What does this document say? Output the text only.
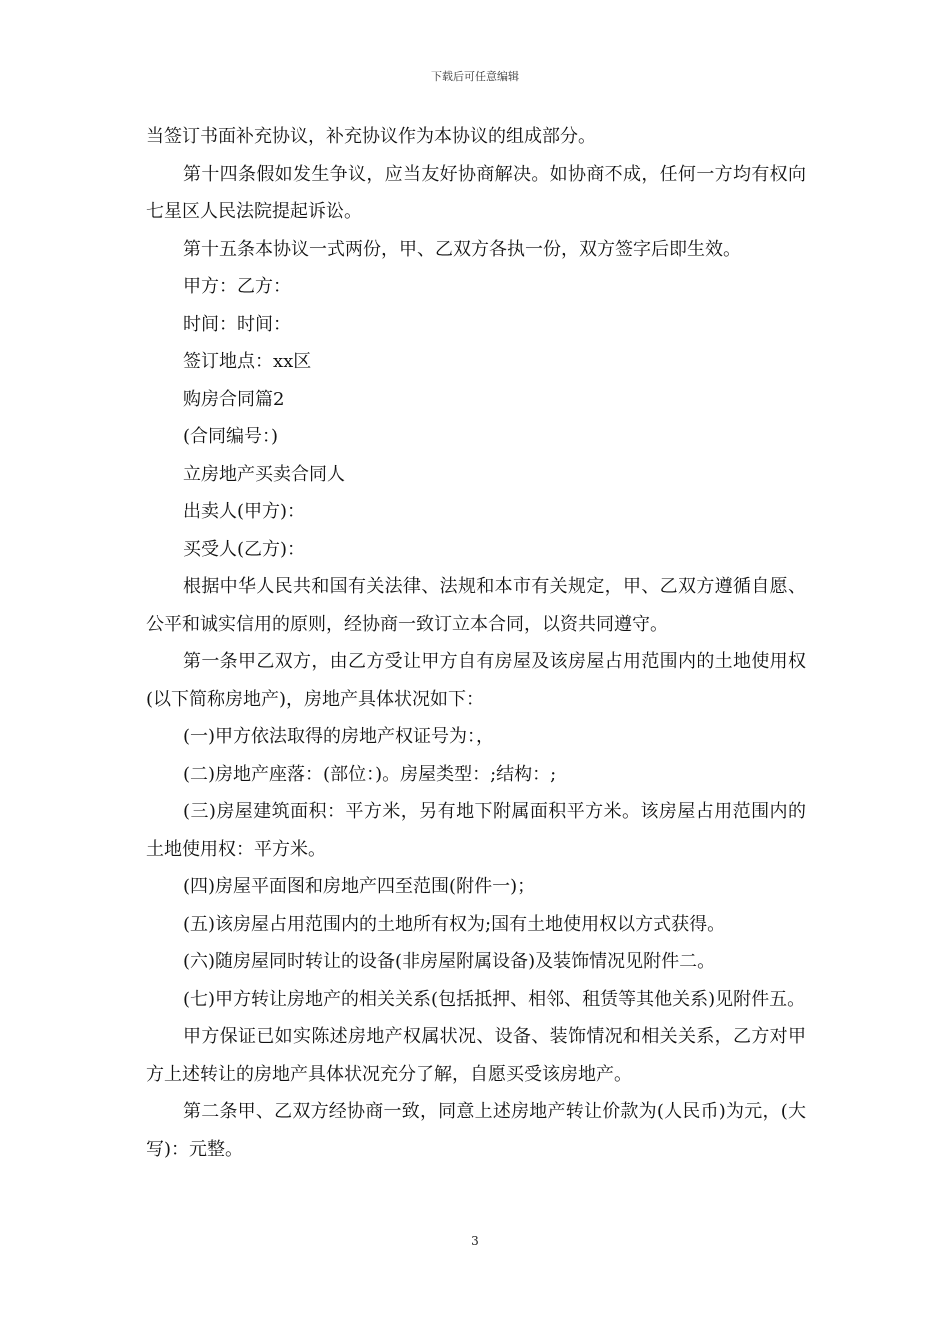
下载后可任意编辑

当签订书面补充协议，补充协议作为本协议的组成部分。

第十四条假如发生争议，应当友好协商解决。如协商不成，任何一方均有权向七星区人民法院提起诉讼。

第十五条本协议一式两份，甲、乙双方各执一份，双方签字后即生效。

甲方：乙方：

时间：时间：

签订地点：xx区

购房合同篇2

(合同编号：)

立房地产买卖合同人

出卖人(甲方)：

买受人(乙方)：

根据中华人民共和国有关法律、法规和本市有关规定，甲、乙双方遵循自愿、公平和诚实信用的原则，经协商一致订立本合同，以资共同遵守。

第一条甲乙双方，由乙方受让甲方自有房屋及该房屋占用范围内的土地使用权(以下简称房地产)，房地产具体状况如下：

(一)甲方依法取得的房地产权证号为：，

(二)房地产座落：(部位：)。房屋类型：;结构：;

(三)房屋建筑面积：平方米，另有地下附属面积平方米。该房屋占用范围内的土地使用权：平方米。

(四)房屋平面图和房地产四至范围(附件一)；

(五)该房屋占用范围内的土地所有权为;国有土地使用权以方式获得。

(六)随房屋同时转让的设备(非房屋附属设备)及装饰情况见附件二。

(七)甲方转让房地产的相关关系(包括抵押、相邻、租赁等其他关系)见附件五。

甲方保证已如实陈述房地产权属状况、设备、装饰情况和相关关系，乙方对甲方上述转让的房地产具体状况充分了解，自愿买受该房地产。

第二条甲、乙双方经协商一致，同意上述房地产转让价款为(人民币)为元，(大写)：元整。

3
